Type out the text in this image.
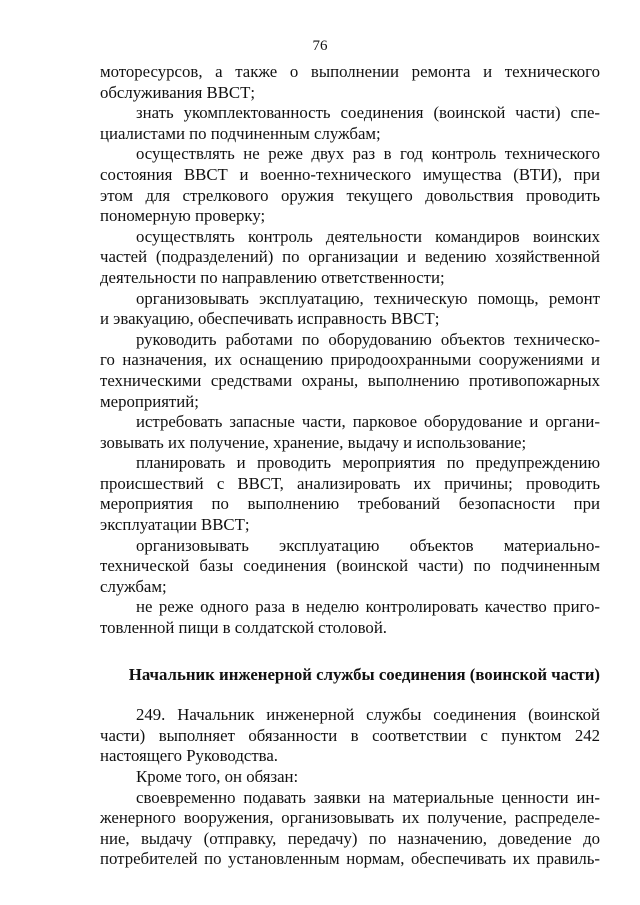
76
моторесурсов, а также о выполнении ремонта и технического
обслуживания ВВСТ;
знать укомплектованность соединения (воинской части) спе-
циалистами по подчиненным службам;
осуществлять не реже двух раз в год контроль технического
состояния ВВСТ и военно-технического имущества (ВТИ), при
этом для стрелкового оружия текущего довольствия проводить
пономерную проверку;
осуществлять контроль деятельности командиров воинских
частей (подразделений) по организации и ведению хозяйственной
деятельности по направлению ответственности;
организовывать эксплуатацию, техническую помощь, ремонт
и эвакуацию, обеспечивать исправность ВВСТ;
руководить работами по оборудованию объектов техническо-
го назначения, их оснащению природоохранными сооружениями и
техническими средствами охраны, выполнению противопожарных
мероприятий;
истребовать запасные части, парковое оборудование и органи-
зовывать их получение, хранение, выдачу и использование;
планировать и проводить мероприятия по предупреждению
происшествий с ВВСТ, анализировать их причины; проводить
мероприятия по выполнению требований безопасности при
эксплуатации ВВСТ;
организовывать эксплуатацию объектов материально-
технической базы соединения (воинской части) по подчиненным
службам;
не реже одного раза в неделю контролировать качество приго-
товленной пищи в солдатской столовой.
Начальник инженерной службы соединения (воинской части)
249. Начальник инженерной службы соединения (воинской
части) выполняет обязанности в соответствии с пунктом 242
настоящего Руководства.
Кроме того, он обязан:
своевременно подавать заявки на материальные ценности ин-
женерного вооружения, организовывать их получение, распределе-
ние, выдачу (отправку, передачу) по назначению, доведение до
потребителей по установленным нормам, обеспечивать их правиль-
